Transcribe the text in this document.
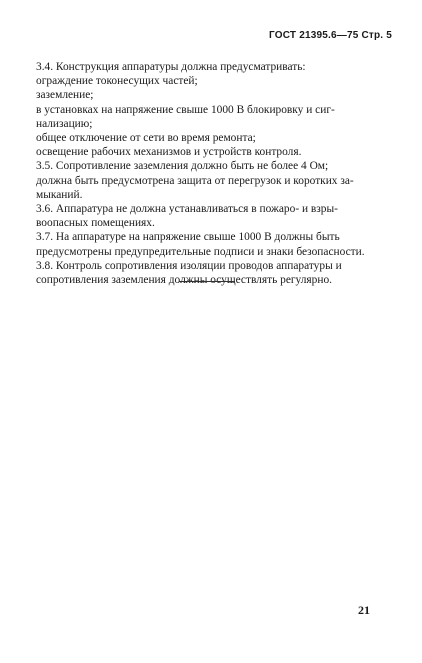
ГОСТ 21395.6—75 Стр. 5
3.4. Конструкция аппаратуры должна предусматривать:
ограждение токонесущих частей;
заземление;
в установках на напряжение свыше 1000 В блокировку и сиг-
нализацию;
общее отключение от сети во время ремонта;
освещение рабочих механизмов и устройств контроля.
3.5. Сопротивление заземления должно быть не более 4 Ом;
должна быть предусмотрена защита от перегрузок и коротких за-
мыканий.
3.6. Аппаратура не должна устанавливаться в пожаро- и взры-
воопасных помещениях.
3.7. На аппаратуре на напряжение свыше 1000 В должны быть
предусмотрены предупредительные подписи и знаки безопасности.
3.8. Контроль сопротивления изоляции проводов аппаратуры и
сопротивления заземления должны осуществлять регулярно.
21
